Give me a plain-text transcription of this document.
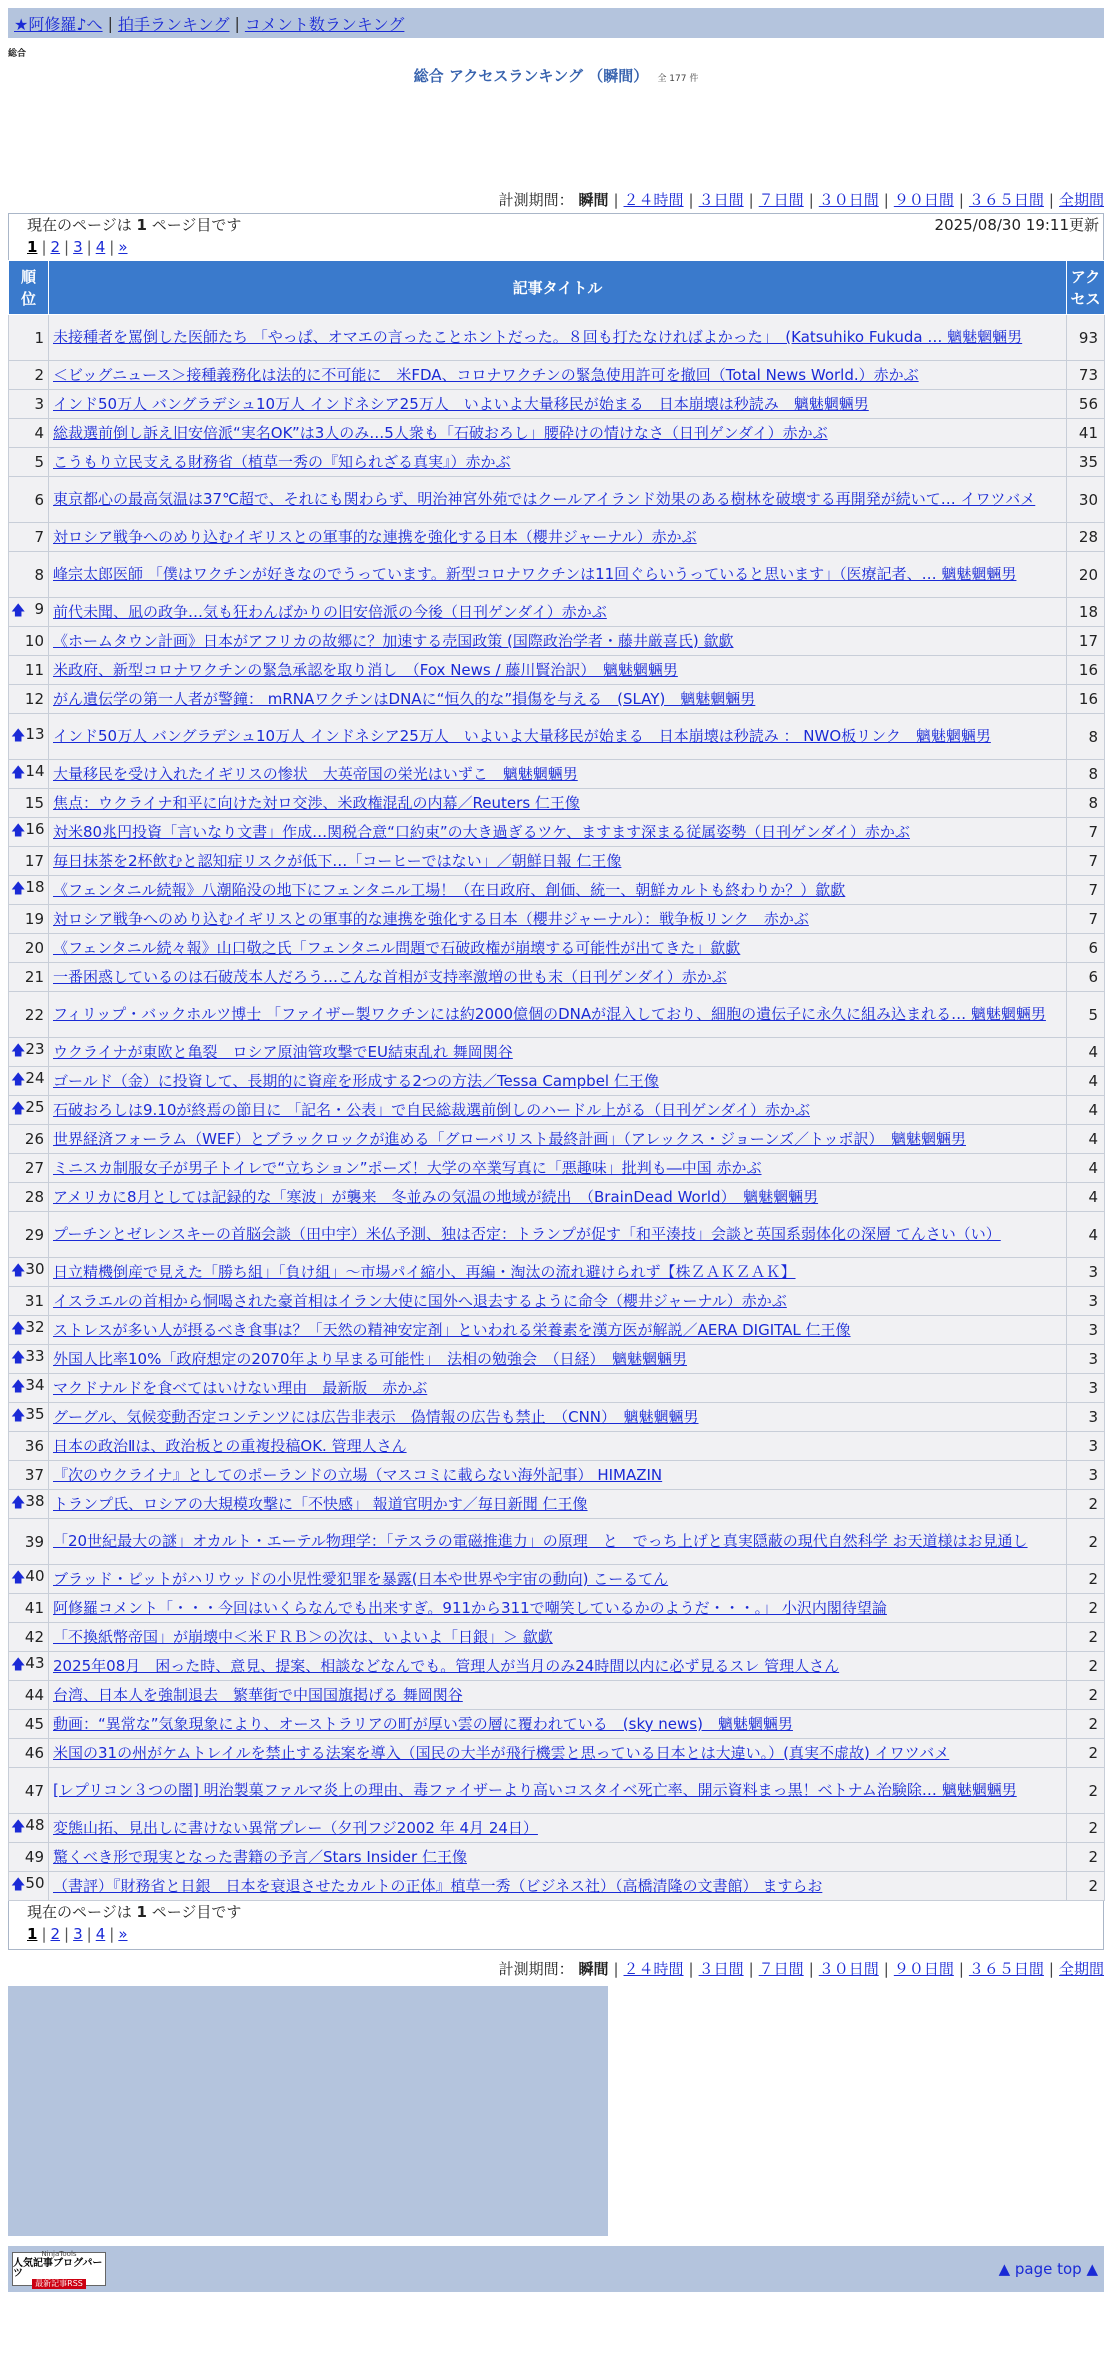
★阿修羅♪へ | 拍手ランキング | コメント数ランキング
総合
総合 アクセスランキング （瞬間） 全 177 件
計測期間： 瞬間 | ２４時間 | ３日間 | ７日間 | ３０日間 | ９０日間 | ３６５日間 | 全期間
現在のページは 1 ページ目です	2025/08/30 19:11更新
1 | 2 | 3 | 4 | »
順位	記事タイトル	アクセス

1	未接種者を罵倒した医師たち 「やっぱ、オマエの言ったことホントだった。８回も打たなければよかった」　(Katsuhiko Fukuda … 魑魅魍魎男	93
2	＜ビッグニュース＞接種義務化は法的に不可能に　米FDA、コロナワクチンの緊急使用許可を撤回（Total News World.）赤かぶ	73
3	インド50万人 バングラデシュ10万人 インドネシア25万人　いよいよ大量移民が始まる　日本崩壊は秒読み　魑魅魍魎男	56
4	総裁選前倒し訴え旧安倍派“実名OK”は3人のみ…5人衆も「石破おろし」腰砕けの情けなさ（日刊ゲンダイ）赤かぶ	41
5	こうもり立民支える財務省（植草一秀の『知られざる真実』）赤かぶ	35
6	東京都心の最高気温は37℃超で、それにも関わらず、明治神宮外苑ではクールアイランド効果のある樹林を破壊する再開発が続いて… イワツバメ	30
7	対ロシア戦争へのめり込むイギリスとの軍事的な連携を強化する日本（櫻井ジャーナル）赤かぶ	28
8	峰宗太郎医師 「僕はワクチンが好きなのでうっています。新型コロナワクチンは11回ぐらいうっていると思います」（医療記者、… 魑魅魍魎男	20

🡅 9	前代未聞、凪の政争…気も狂わんばかりの旧安倍派の今後（日刊ゲンダイ）赤かぶ	18
10	《ホームタウン計画》日本がアフリカの故郷に？加速する売国政策 (国際政治学者・藤井厳喜氏) 歙歔	17
11	米政府、新型コロナワクチンの緊急承認を取り消し　（Fox News / 藤川賢治訳）　魑魅魍魎男	16
12	がん遺伝学の第一人者が警鐘： mRNAワクチンはDNAに“恒久的な”損傷を与える　(SLAY)　魑魅魍魎男	16

🡅 13	インド50万人 バングラデシュ10万人 インドネシア25万人　いよいよ大量移民が始まる　日本崩壊は秒読み ： NWO板リンク　魑魅魍魎男	8

🡅 14	大量移民を受け入れたイギリスの惨状　大英帝国の栄光はいずこ　魑魅魍魎男	8
15	焦点：ウクライナ和平に向けた対ロ交渉、米政権混乱の内幕／Reuters 仁王像	8

🡅 16	対米80兆円投資「言いなり文書」作成…関税合意“口約束”の大き過ぎるツケ、ますます深まる従属姿勢（日刊ゲンダイ）赤かぶ	7
17	毎日抹茶を2杯飲むと認知症リスクが低下…「コーヒーではない」／朝鮮日報 仁王像	7

🡅 18	《フェンタニル続報》八潮陥没の地下にフェンタニル工場！（在日政府、創価、統一、朝鮮カルトも終わりか？）歙歔	7
19	対ロシア戦争へのめり込むイギリスとの軍事的な連携を強化する日本（櫻井ジャーナル）：戦争板リンク　赤かぶ	7
20	《フェンタニル続々報》山口敬之氏「フェンタニル問題で石破政権が崩壊する可能性が出てきた」歙歔	6
21	一番困惑しているのは石破茂本人だろう…こんな首相が支持率激増の世も末（日刊ゲンダイ）赤かぶ	6
22	フィリップ・バックホルツ博士 「ファイザー製ワクチンには約2000億個のDNAが混入しており、細胞の遺伝子に永久に組み込まれる… 魑魅魍魎男	5

🡅 23	ウクライナが東欧と亀裂　ロシア原油管攻撃でEU結束乱れ 舞岡関谷	4

🡅 24	ゴールド（金）に投資して、長期的に資産を形成する2つの方法／Tessa Campbel 仁王像	4

🡅 25	石破おろしは9.10が終焉の節目に 「記名・公表」で自民総裁選前倒しのハードル上がる（日刊ゲンダイ）赤かぶ	4
26	世界経済フォーラム（WEF）とブラックロックが進める「グローバリスト最終計画」（アレックス・ジョーンズ／トッポ訳）　魑魅魍魎男	4
27	ミニスカ制服女子が男子トイレで“立ちション”ポーズ！大学の卒業写真に「悪趣味」批判も―中国 赤かぶ	4
28	アメリカに8月としては記録的な「寒波」が襲来　冬並みの気温の地域が続出　（BrainDead World）　魑魅魍魎男	4
29	プーチンとゼレンスキーの首脳会談（田中宇）米仏予測、独は否定：トランプが促す「和平湊技」会談と英国系弱体化の深層 てんさい（い）	4

🡅 30	日立精機倒産で見えた「勝ち組」「負け組」～市場パイ縮小、再編・淘汰の流れ避けられず【株ＺＡＫＺＡＫ】	3
31	イスラエルの首相から恫喝された豪首相はイラン大使に国外へ退去するように命令（櫻井ジャーナル）赤かぶ	3

🡅 32	ストレスが多い人が摂るべき食事は？「天然の精神安定剤」といわれる栄養素を漢方医が解説／AERA DIGITAL 仁王像	3

🡅 33	外国人比率10%「政府想定の2070年より早まる可能性」　法相の勉強会　（日経）　魑魅魍魎男	3

🡅 34	マクドナルドを食べてはいけない理由　最新版　赤かぶ	3

🡅 35	グーグル、気候変動否定コンテンツには広告非表示　偽情報の広告も禁止　（CNN）　魑魅魍魎男	3
36	日本の政治Ⅱは、政治板との重複投稿OK. 管理人さん	3
37	『次のウクライナ』としてのポーランドの立場（マスコミに載らない海外記事） HIMAZIN	3

🡅 38	トランプ氏、ロシアの大規模攻撃に「不快感」 報道官明かす／毎日新聞 仁王像	2
39	「20世紀最大の謎」オカルト・エーテル物理学：「テスラの電磁推進力」の原理　と　でっち上げと真実隠蔽の現代自然科学 お天道様はお見通し	2

🡅 40	ブラッド・ピットがハリウッドの小児性愛犯罪を暴露(日本や世界や宇宙の動向) こーるてん	2
41	阿修羅コメント「・・・今回はいくらなんでも出来すぎ。911から311で嘲笑しているかのようだ・・・。」 小沢内閣待望論	2
42	「不換紙幣帝国」が崩壊中＜米ＦＲＢ＞の次は、いよいよ「日銀」＞ 歙歔	2

🡅 43	2025年08月　困った時、意見、提案、相談などなんでも。管理人が当月のみ24時間以内に必ず見るスレ 管理人さん	2
44	台湾、日本人を強制退去　繁華街で中国国旗掲げる 舞岡関谷	2
45	動画：“異常な”気象現象により、オーストラリアの町が厚い雲の層に覆われている　(sky news)　魑魅魍魎男	2
46	米国の31の州がケムトレイルを禁止する法案を導入（国民の大半が飛行機雲と思っている日本とは大違い。）(真実不虚故) イワツバメ	2
47	[レプリコン３つの闇] 明治製菓ファルマ炎上の理由、毒ファイザーより高いコスタイベ死亡率、開示資料まっ黒！ベトナム治験除… 魑魅魍魎男	2

🡅 48	変態山拓、見出しに書けない異常プレー（夕刊フジ2002 年 4月 24日）	2
49	驚くべき形で現実となった書籍の予言／Stars Insider 仁王像	2

🡅 50	（書評）『財務省と日銀　日本を衰退させたカルトの正体』植草一秀（ビジネス社）（高橋清隆の文書館） ますらお	2
現在のページは 1 ページ目です
1 | 2 | 3 | 4 | »
計測期間： 瞬間 | ２４時間 | ３日間 | ７日間 | ３０日間 | ９０日間 | ３６５日間 | 全期間
NinjaTools
人気記事ブログパーツ
最新記事RSS
▲ page top ▲
